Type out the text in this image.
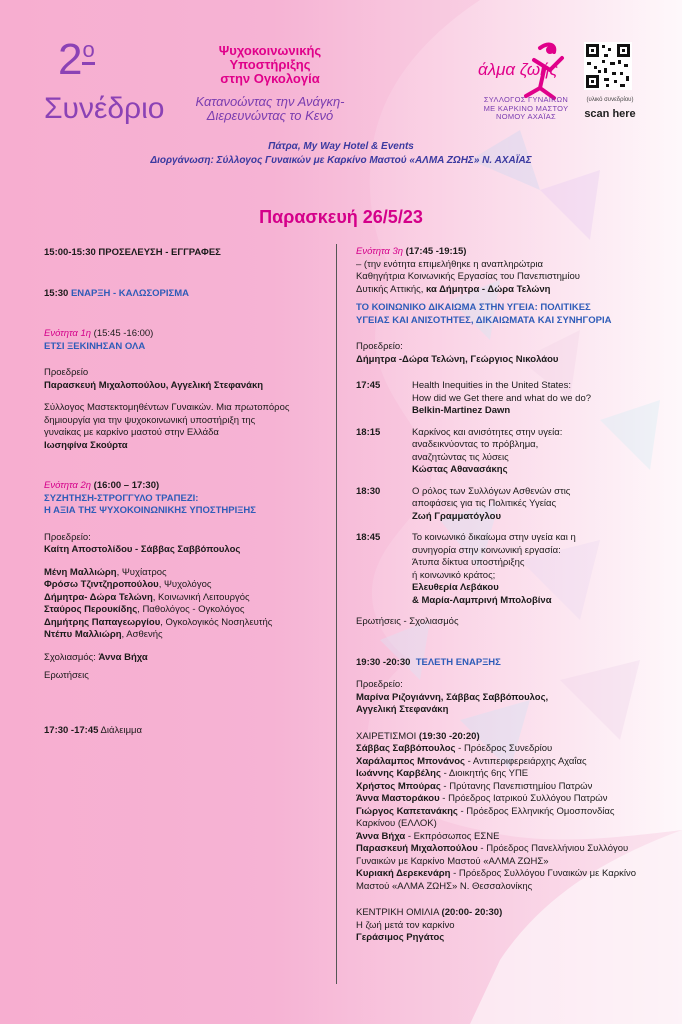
$2^o$
Συνέδριο
Ψυχοκοινωνικής
Υποστήριξης
στην Ογκολογία
Κατανοώντας την Ανάγκη-
Διερευνώντας το Κενό
άλμα ζωής
ΣΥΛΛΟΓΟΣ ΓΥΝΑΙΚΩΝ
ΜΕ ΚΑΡΚΙΝΟ ΜΑΣΤΟΥ
ΝΟΜΟΥ ΑΧΑΪΑΣ
(υλικό συνεδρίου)
scan here
Πάτρα, My Way Hotel & Events
Διοργάνωση: Σύλλογος Γυναικών με Καρκίνο Μαστού «ΑΛΜΑ ΖΩΗΣ» Ν. ΑΧΑΪΑΣ
Παρασκευή 26/5/23
15:00-15:30 ΠΡΟΣΕΛΕΥΣΗ - ΕΓΓΡΑΦΕΣ
15:30 ΕΝΑΡΞΗ - ΚΑΛΩΣΟΡΙΣΜΑ
Ενότητα 1η (15:45 -16:00)
ΕΤΣΙ ΞΕΚΙΝΗΣΑΝ ΟΛΑ
Προεδρείο
Παρασκευή Μιχαλοπούλου, Αγγελική Στεφανάκη
Σύλλογος Μαστεκτομηθέντων Γυναικών. Μια πρωτοπόρος
δημιουργία για την ψυχοκοινωνική υποστήριξη της
γυναίκας με καρκίνο μαστού στην Ελλάδα
Ιωσηφίνα Σκούρτα
Ενότητα 2η (16:00 – 17:30)
ΣΥΖΗΤΗΣΗ-ΣΤΡΟΓΓΥΛΟ ΤΡΑΠΕΖΙ:
Η ΑΞΙΑ ΤΗΣ ΨΥΧΟΚΟΙΝΩΝΙΚΗΣ ΥΠΟΣΤΗΡΙΞΗΣ
Προεδρείο:
Καίτη Αποστολίδου - Σάββας Σαββόπουλος
Μένη Μαλλιώρη, Ψυχίατρος
Φρόσω Τζιντζηροπούλου, Ψυχολόγος
Δήμητρα- Δώρα Τελώνη, Κοινωνική Λειτουργός
Σταύρος Περουκίδης, Παθολόγος - Ογκολόγος
Δημήτρης Παπαγεωργίου, Ογκολογικός Νοσηλευτής
Ντέπυ Μαλλιώρη, Ασθενής
Σχολιασμός: Άννα Βήχα
Ερωτήσεις
17:30 -17:45 Διάλειμμα
Ενότητα 3η (17:45 -19:15)
– (την ενότητα επιμελήθηκε η αναπληρώτρια
Καθηγήτρια Κοινωνικής Εργασίας του Πανεπιστημίου
Δυτικής Αττικής, κα Δήμητρα - Δώρα Τελώνη
ΤΟ ΚΟΙΝΩΝΙΚΟ ΔΙΚΑΙΩΜΑ ΣΤΗΝ ΥΓΕΙΑ: ΠΟΛΙΤΙΚΕΣ
ΥΓΕΙΑΣ ΚΑΙ ΑΝΙΣΟΤΗΤΕΣ, ΔΙΚΑΙΩΜΑΤΑ ΚΑΙ ΣΥΝΗΓΟΡΙΑ
Προεδρείο:
Δήμητρα -Δώρα Τελώνη, Γεώργιος Νικολάου
17:45	Health Inequities in the United States:
How did we Get there and what do we do?
Belkin-Martinez Dawn
18:15	Καρκίνος και ανισότητες στην υγεία:
αναδεικνύοντας το πρόβλημα,
αναζητώντας τις λύσεις
Κώστας Αθανασάκης
18:30	Ο ρόλος των Συλλόγων Ασθενών στις
αποφάσεις για τις Πολιτικές Υγείας
Ζωή Γραμματόγλου
18:45	Το κοινωνικό δικαίωμα στην υγεία και η
συνηγορία στην κοινωνική εργασία:
Άτυπα δίκτυα υποστήριξης
ή κοινωνικό κράτος;
Ελευθερία Λεβάκου
& Μαρία-Λαμπρινή Μπολοβίνα
Ερωτήσεις - Σχολιασμός
19:30 -20:30 ΤΕΛΕΤΗ ΕΝΑΡΞΗΣ
Προεδρείο:
Μαρίνα Ριζογιάννη, Σάββας Σαββόπουλος,
Αγγελική Στεφανάκη
ΧΑΙΡΕΤΙΣΜΟΙ (19:30 -20:20)
Σάββας Σαββόπουλος - Πρόεδρος Συνεδρίου
Χαράλαμπος Μπονάνος - Αντιπεριφερειάρχης Αχαΐας
Ιωάννης Καρβέλης - Διοικητής 6ης ΥΠΕ
Χρήστος Μπούρας - Πρύτανης Πανεπιστημίου Πατρών
Άννα Μαστοράκου - Πρόεδρος Ιατρικού Συλλόγου Πατρών
Γιώργος Καπετανάκης - Πρόεδρος Ελληνικής Ομοσπονδίας Καρκίνου (ΕΛΛΟΚ)
Άννα Βήχα - Εκπρόσωπος ΕΣΝΕ
Παρασκευή Μιχαλοπούλου - Πρόεδρος Πανελλήνιου Συλλόγου Γυναικών με Καρκίνο Μαστού «ΑΛΜΑ ΖΩΗΣ»
Κυριακή Δερεκενάρη - Πρόεδρος Συλλόγου Γυναικών με Καρκίνο Μαστού «ΑΛΜΑ ΖΩΗΣ» Ν. Θεσσαλονίκης
ΚΕΝΤΡΙΚΗ ΟΜΙΛΙΑ (20:00- 20:30)
Η ζωή μετά τον καρκίνο
Γεράσιμος Ρηγάτος
